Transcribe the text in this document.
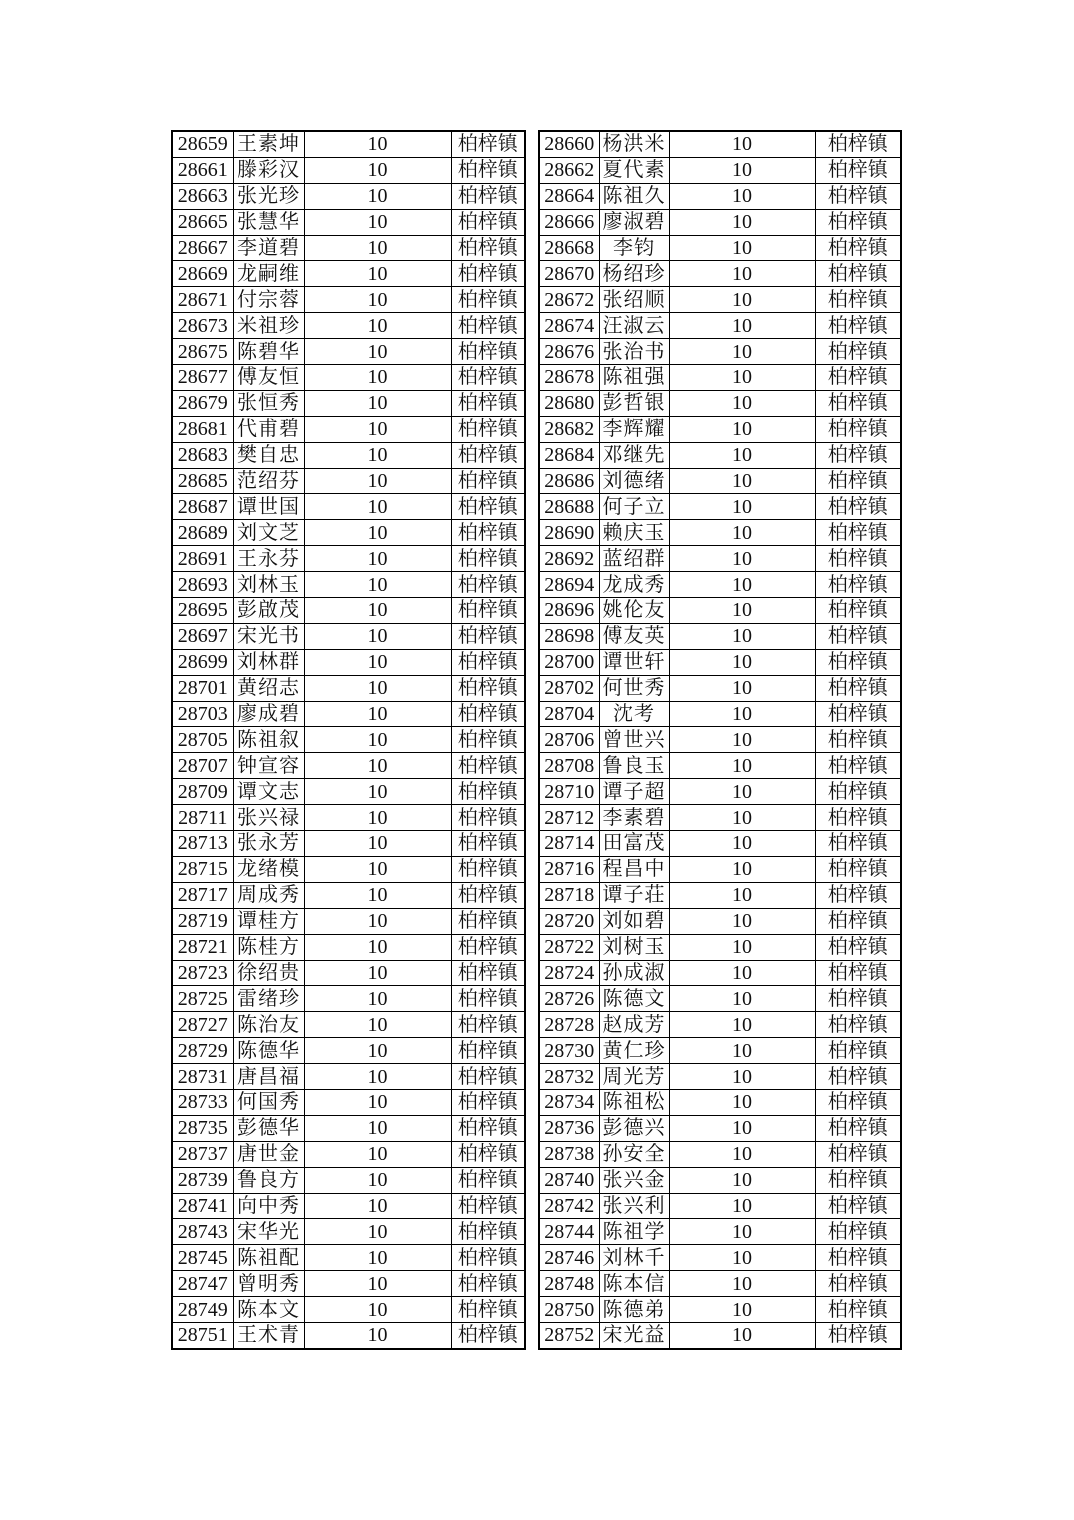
28659	王素坤	10	柏梓镇
28661	滕彩汉	10	柏梓镇
28663	张光珍	10	柏梓镇
28665	张慧华	10	柏梓镇
28667	李道碧	10	柏梓镇
28669	龙嗣维	10	柏梓镇
28671	付宗蓉	10	柏梓镇
28673	米祖珍	10	柏梓镇
28675	陈碧华	10	柏梓镇
28677	傅友恒	10	柏梓镇
28679	张恒秀	10	柏梓镇
28681	代甫碧	10	柏梓镇
28683	樊自忠	10	柏梓镇
28685	范绍芬	10	柏梓镇
28687	谭世国	10	柏梓镇
28689	刘文芝	10	柏梓镇
28691	王永芬	10	柏梓镇
28693	刘林玉	10	柏梓镇
28695	彭啟茂	10	柏梓镇
28697	宋光书	10	柏梓镇
28699	刘林群	10	柏梓镇
28701	黄绍志	10	柏梓镇
28703	廖成碧	10	柏梓镇
28705	陈祖叙	10	柏梓镇
28707	钟宣容	10	柏梓镇
28709	谭文志	10	柏梓镇
28711	张兴禄	10	柏梓镇
28713	张永芳	10	柏梓镇
28715	龙绪模	10	柏梓镇
28717	周成秀	10	柏梓镇
28719	谭桂方	10	柏梓镇
28721	陈桂方	10	柏梓镇
28723	徐绍贵	10	柏梓镇
28725	雷绪珍	10	柏梓镇
28727	陈治友	10	柏梓镇
28729	陈德华	10	柏梓镇
28731	唐昌福	10	柏梓镇
28733	何国秀	10	柏梓镇
28735	彭德华	10	柏梓镇
28737	唐世金	10	柏梓镇
28739	鲁良方	10	柏梓镇
28741	向中秀	10	柏梓镇
28743	宋华光	10	柏梓镇
28745	陈祖配	10	柏梓镇
28747	曾明秀	10	柏梓镇
28749	陈本文	10	柏梓镇
28751	王术青	10	柏梓镇
28660	杨洪米	10	柏梓镇
28662	夏代素	10	柏梓镇
28664	陈祖久	10	柏梓镇
28666	廖淑碧	10	柏梓镇
28668	李钧	10	柏梓镇
28670	杨绍珍	10	柏梓镇
28672	张绍顺	10	柏梓镇
28674	汪淑云	10	柏梓镇
28676	张治书	10	柏梓镇
28678	陈祖强	10	柏梓镇
28680	彭哲银	10	柏梓镇
28682	李辉耀	10	柏梓镇
28684	邓继先	10	柏梓镇
28686	刘德绪	10	柏梓镇
28688	何子立	10	柏梓镇
28690	赖庆玉	10	柏梓镇
28692	蓝绍群	10	柏梓镇
28694	龙成秀	10	柏梓镇
28696	姚伦友	10	柏梓镇
28698	傅友英	10	柏梓镇
28700	谭世轩	10	柏梓镇
28702	何世秀	10	柏梓镇
28704	沈考	10	柏梓镇
28706	曾世兴	10	柏梓镇
28708	鲁良玉	10	柏梓镇
28710	谭子超	10	柏梓镇
28712	李素碧	10	柏梓镇
28714	田富茂	10	柏梓镇
28716	程昌中	10	柏梓镇
28718	谭子荘	10	柏梓镇
28720	刘如碧	10	柏梓镇
28722	刘树玉	10	柏梓镇
28724	孙成淑	10	柏梓镇
28726	陈德文	10	柏梓镇
28728	赵成芳	10	柏梓镇
28730	黄仁珍	10	柏梓镇
28732	周光芳	10	柏梓镇
28734	陈祖松	10	柏梓镇
28736	彭德兴	10	柏梓镇
28738	孙安全	10	柏梓镇
28740	张兴金	10	柏梓镇
28742	张兴利	10	柏梓镇
28744	陈祖学	10	柏梓镇
28746	刘林千	10	柏梓镇
28748	陈本信	10	柏梓镇
28750	陈德弟	10	柏梓镇
28752	宋光益	10	柏梓镇
